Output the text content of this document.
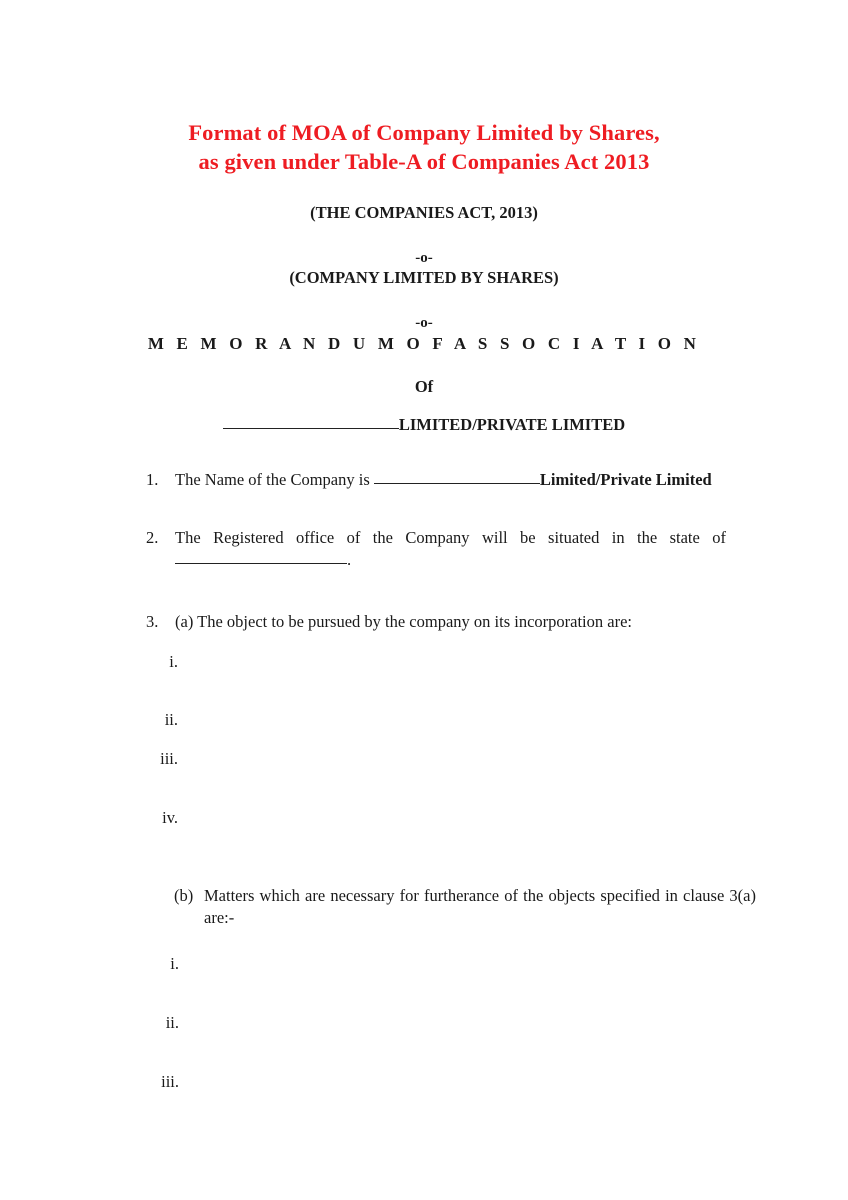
Format of MOA of Company Limited by Shares,
as given under Table-A of Companies Act 2013
(THE COMPANIES ACT, 2013)
-o-
(COMPANY LIMITED BY SHARES)
-o-
M E M O R A N D U M O F A S S O C I A T I O N
Of
LIMITED/PRIVATE LIMITED
1.	The Name of the Company is	Limited/Private Limited
2.	The Registered office of the Company will be situated in the state of.
3.	(a) The object to be pursued by the company on its incorporation are:
i.
ii.
iii.
iv.
(b) Matters which are necessary for furtherance of the objects specified in clause 3(a) are:-
i.
ii.
iii.
